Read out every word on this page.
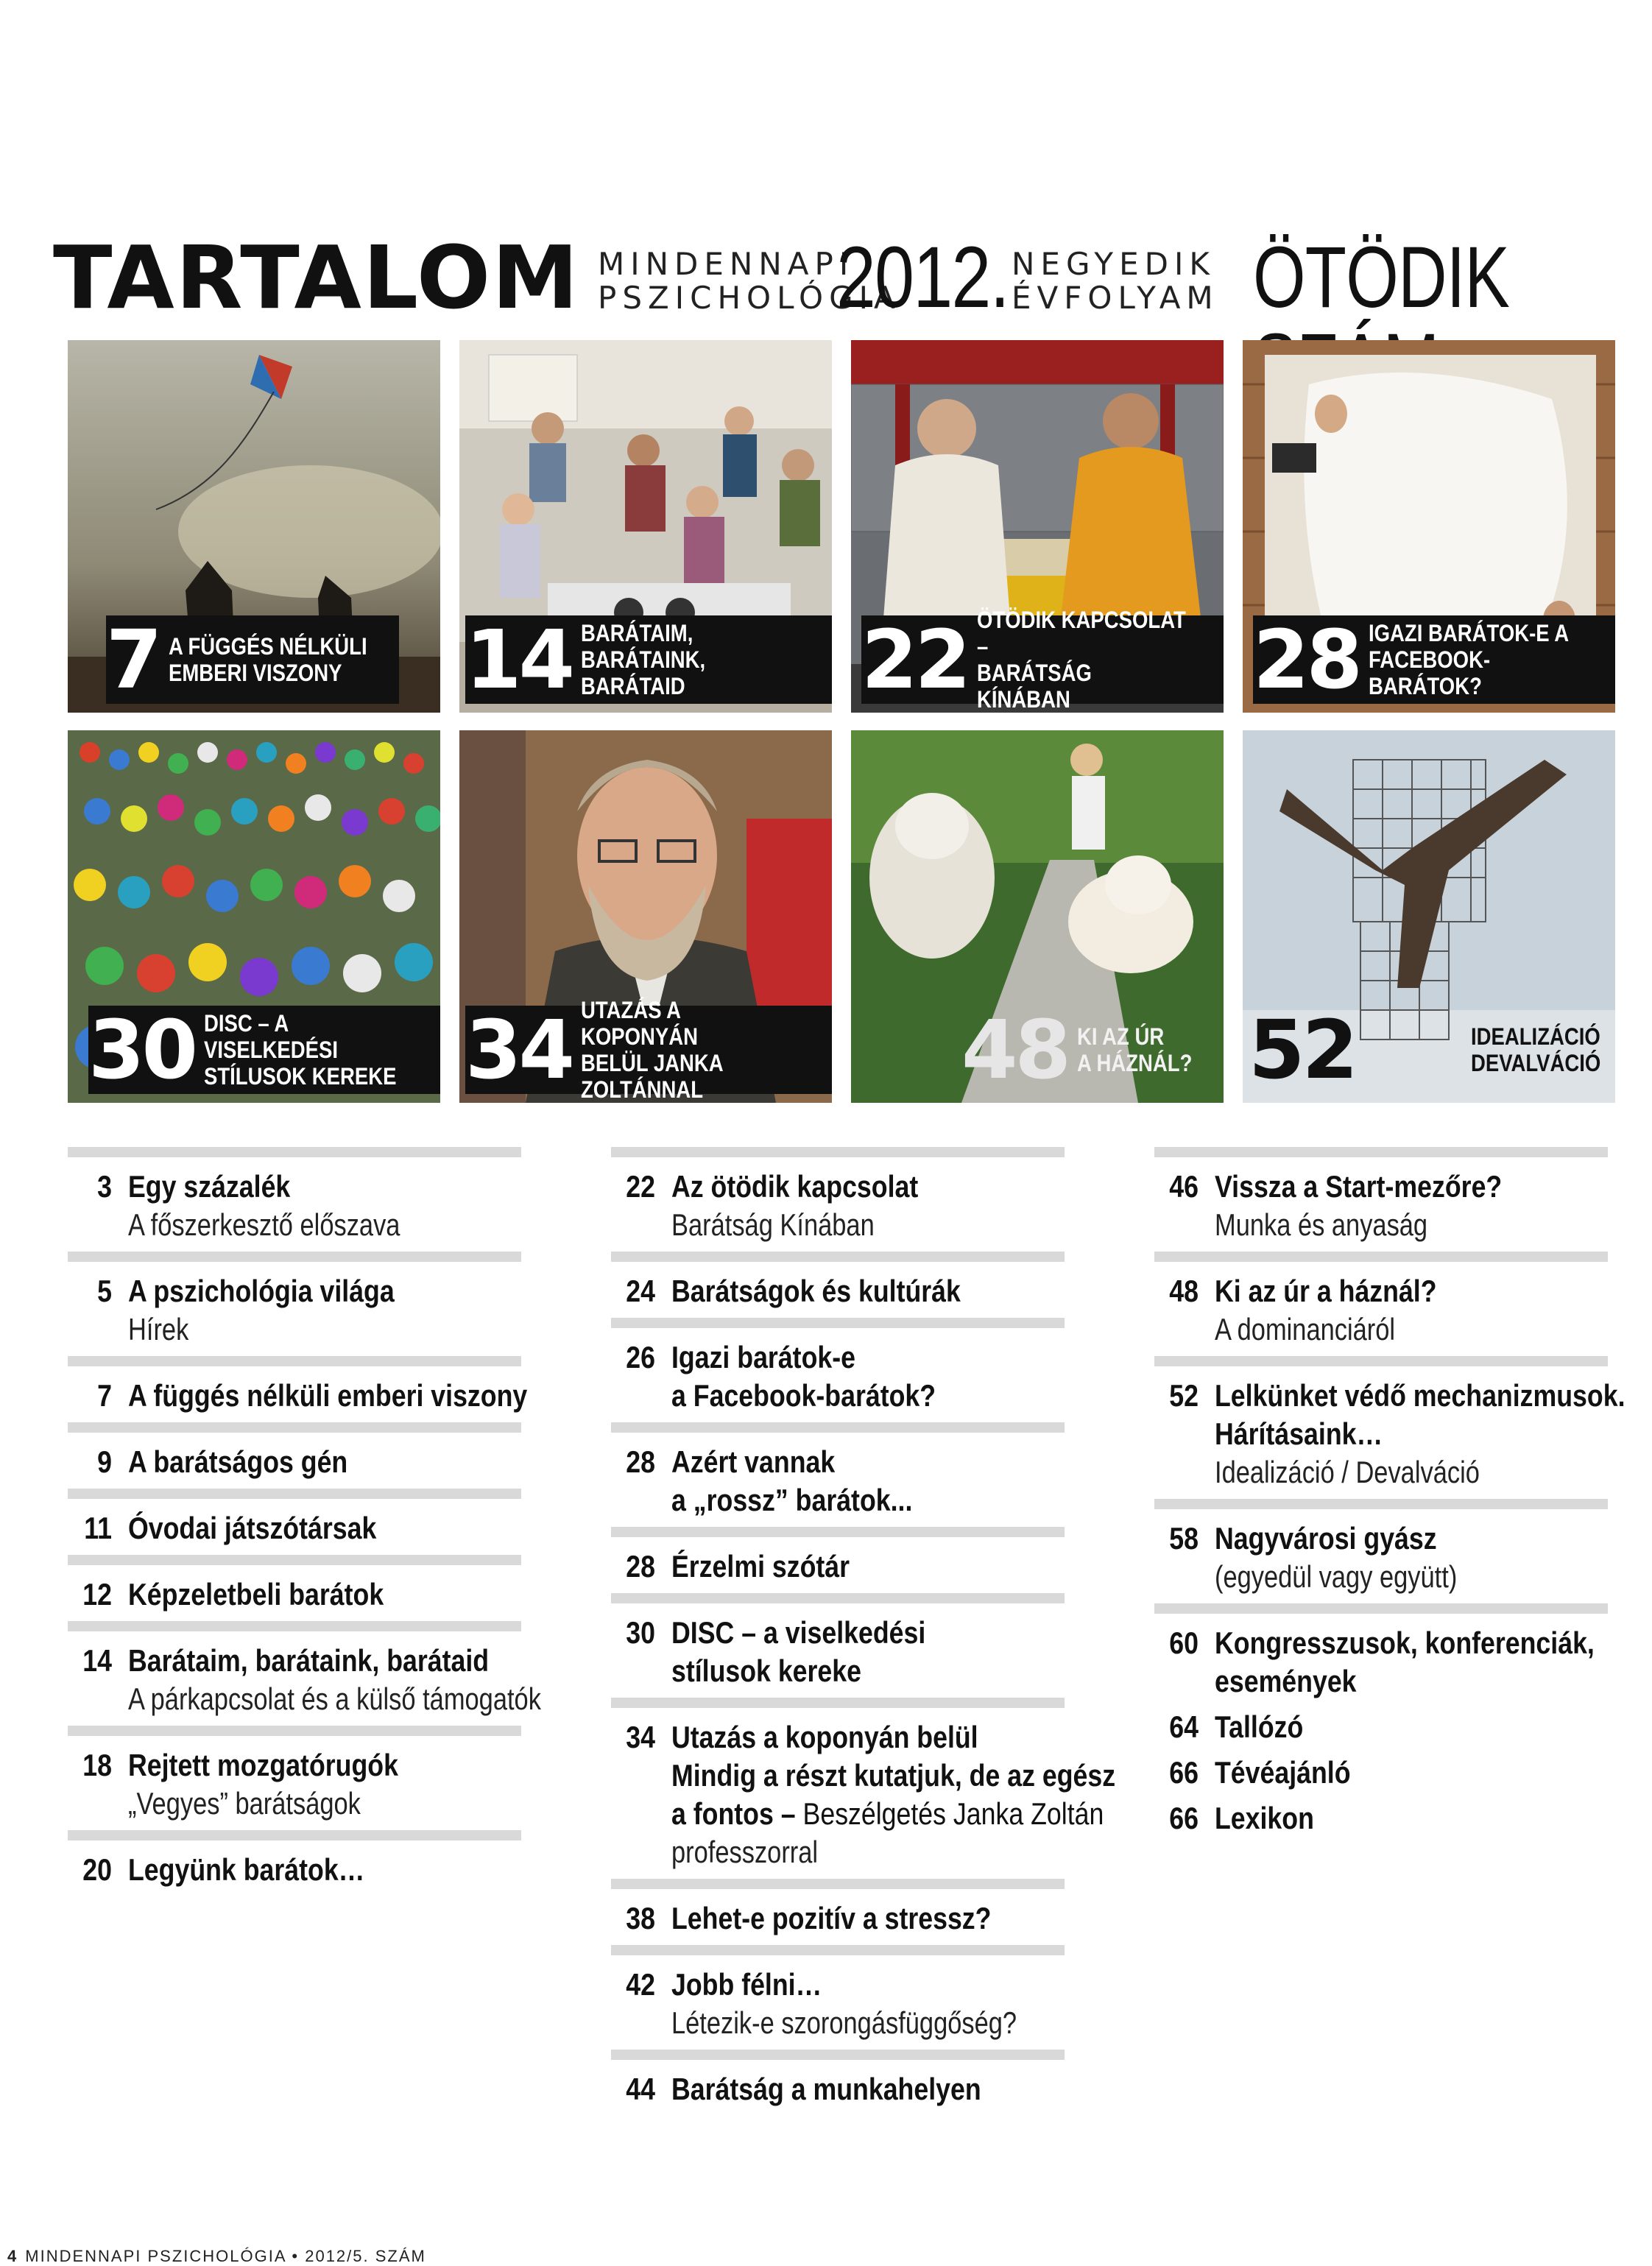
TARTALOM MINDENNAPI
PSZICHOLÓGIA
2012. NEGYEDIK
ÉVFOLYAM ÖTÖDIK
7 A FÜGGÉS NÉLKÜLI
EMBERI VISZONY	14 BARÁTAIM, BARÁTAINK,
BARÁTAID	22 ÖTÖDIK KAPCSOLAT –
BARÁTSÁG KÍNÁBAN	28 IGAZI BARÁTOK-E A
FACEBOOK-BARÁTOK?
30 DISC – A VISELKEDÉSI
STÍLUSOK KEREKE 34 UTAZÁS A KOPONYÁN
BELÜL JANKA ZOLTÁNNAL	48 KI AZ ÚR
A HÁZNÁL? 52	IDEALIZÁCIÓ
DEVALVÁCIÓ
3 Egy százalék
A főszerkesztő előszava
5 A pszichológia világa
Hírek
7 A függés nélküli emberi viszony
9 A barátságos gén
11 Óvodai játszótársak
12 Képzeletbeli barátok
14 Barátaim, barátaink, barátaid
A párkapcsolat és a külső támogatók
18 Rejtett mozgatórugók
„Vegyes” barátságok
20 Legyünk barátok…
22 Az ötödik kapcsolat
Barátság Kínában
24 Barátságok és kultúrák
26 Igazi barátok-e
a Facebook-barátok?
28 Azért vannak
a „rossz” barátok...
28 Érzelmi szótár
30 DISC – a viselkedési
stílusok kereke
34 Utazás a koponyán belül
Mindig a részt kutatjuk, de az egész
a fontos – Beszélgetés Janka Zoltán
professzorral
38 Lehet-e pozitív a stressz?
42 Jobb félni…
Létezik-e szorongásfüggőség?
44 Barátság a munkahelyen
46 Vissza a Start-mezőre?
Munka és anyaság
48 Ki az úr a háznál?
A dominanciáról
52 Lelkünket védő mechanizmusok.
Hárításaink…
Idealizáció / Devalváció
58 Nagyvárosi gyász
(egyedül vagy együtt)
60 Kongresszusok, konferenciák,
események
64 Tallózó
66 Tévéajánló
66 Lexikon
4 MINDENNAPI PSZICHOLÓGIA • 2012/5. SZÁM
